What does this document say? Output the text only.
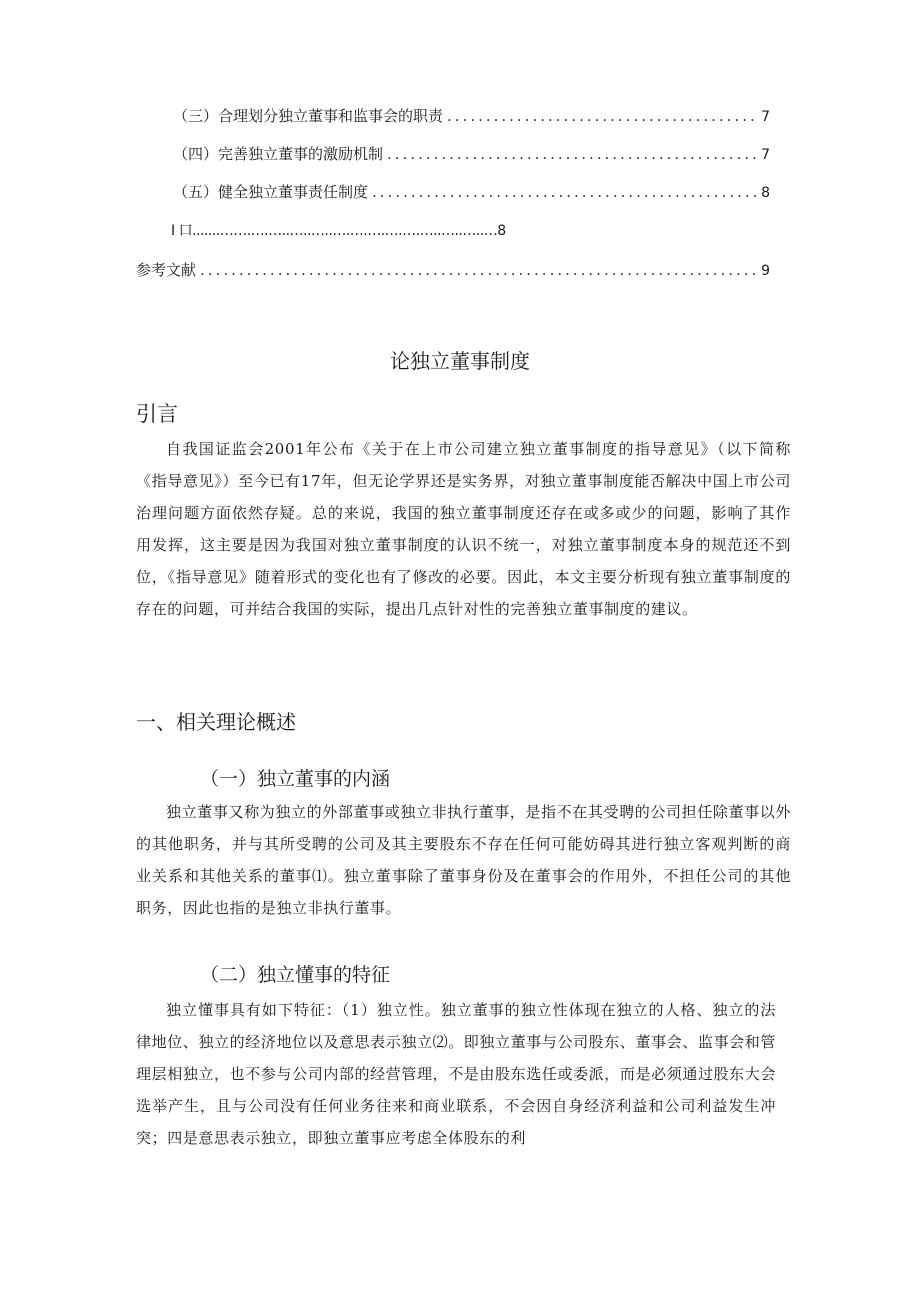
（三）合理划分独立董事和监事会的职责 .....	7
（四）完善独立董事的激励机制 .....	7
（五）健全独立董事责任制度 .....	8
I 口.......…….….…..…..…..….….….….….…..…..…..…8
参考文献 .....	9
论独立董事制度
引言

自我国证监会2001年公布《关于在上市公司建立独立董事制度的指导意见》（以下简称《指导意见》）至今已有17年，但无论学界还是实务界，对独立董事制度能否解决中国上市公司治理问题方面依然存疑。总的来说，我国的独立董事制度还存在或多或少的问题，影响了其作用发挥，这主要是因为我国对独立董事制度的认识不统一，对独立董事制度本身的规范还不到位，《指导意见》随着形式的变化也有了修改的必要。因此，本文主要分析现有独立董事制度的存在的问题，可并结合我国的实际，提出几点针对性的完善独立董事制度的建议。

一、相关理论概述
（一）独立董事的内涵

独立董事又称为独立的外部董事或独立非执行董事，是指不在其受聘的公司担任除董事以外的其他职务，并与其所受聘的公司及其主要股东不存在任何可能妨碍其进行独立客观判断的商业关系和其他关系的董事⑴。独立董事除了董事身份及在董事会的作用外，不担任公司的其他职务，因此也指的是独立非执行董事。

（二）独立懂事的特征

独立懂事具有如下特征：（1）独立性。独立董事的独立性体现在独立的人格、独立的法律地位、独立的经济地位以及意思表示独立⑵。即独立董事与公司股东、董事会、监事会和管理层相独立，也不参与公司内部的经营管理，不是由股东选任或委派，而是必须通过股东大会选举产生，且与公司没有任何业务往来和商业联系，不会因自身经济利益和公司利益发生冲突；四是意思表示独立，即独立董事应考虑全体股东的利
